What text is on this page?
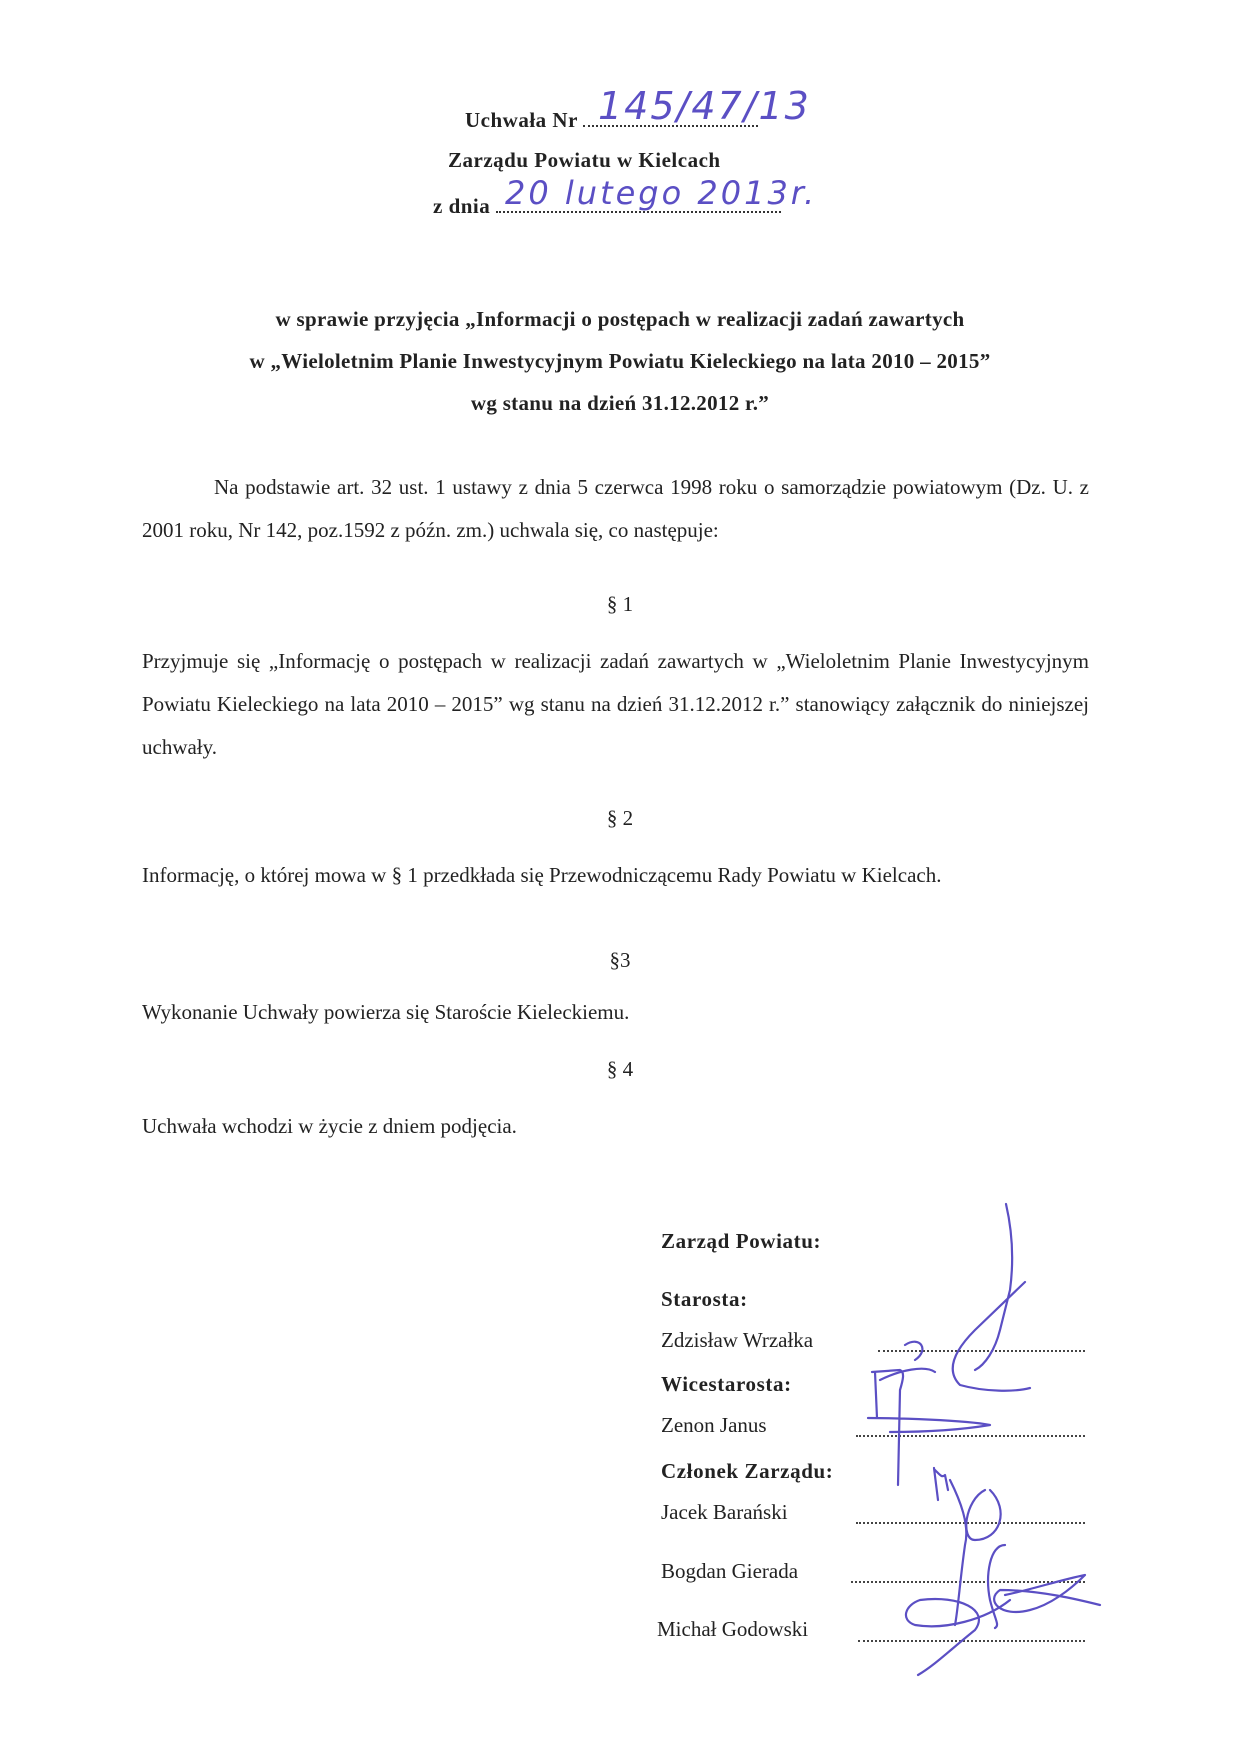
Uchwała Nr 145/47/13
Zarządu Powiatu w Kielcach
z dnia 20 lutego 2013r.
w sprawie przyjęcia „Informacji o postępach w realizacji zadań zawartych
w „Wieloletnim Planie Inwestycyjnym Powiatu Kieleckiego na lata 2010 – 2015”
wg stanu na dzień 31.12.2012 r.”
Na podstawie art. 32 ust. 1 ustawy z dnia 5 czerwca 1998 roku o samorządzie powiatowym (Dz. U. z 2001 roku, Nr 142, poz.1592 z późn. zm.) uchwala się, co następuje:
§ 1
Przyjmuje się „Informację o postępach w realizacji zadań zawartych w „Wieloletnim Planie Inwestycyjnym Powiatu Kieleckiego na lata 2010 – 2015” wg stanu na dzień 31.12.2012 r.” stanowiący załącznik do niniejszej uchwały.
§ 2
Informację, o której mowa w § 1 przedkłada się Przewodniczącemu Rady Powiatu w Kielcach.
§3
Wykonanie Uchwały powierza się Staroście Kieleckiemu.
§ 4
Uchwała wchodzi w życie z dniem podjęcia.
Zarząd Powiatu:
Starosta:
Zdzisław Wrzałka
Wicestarosta:
Zenon Janus
Członek Zarządu:
Jacek Barański
Bogdan Gierada
Michał Godowski
